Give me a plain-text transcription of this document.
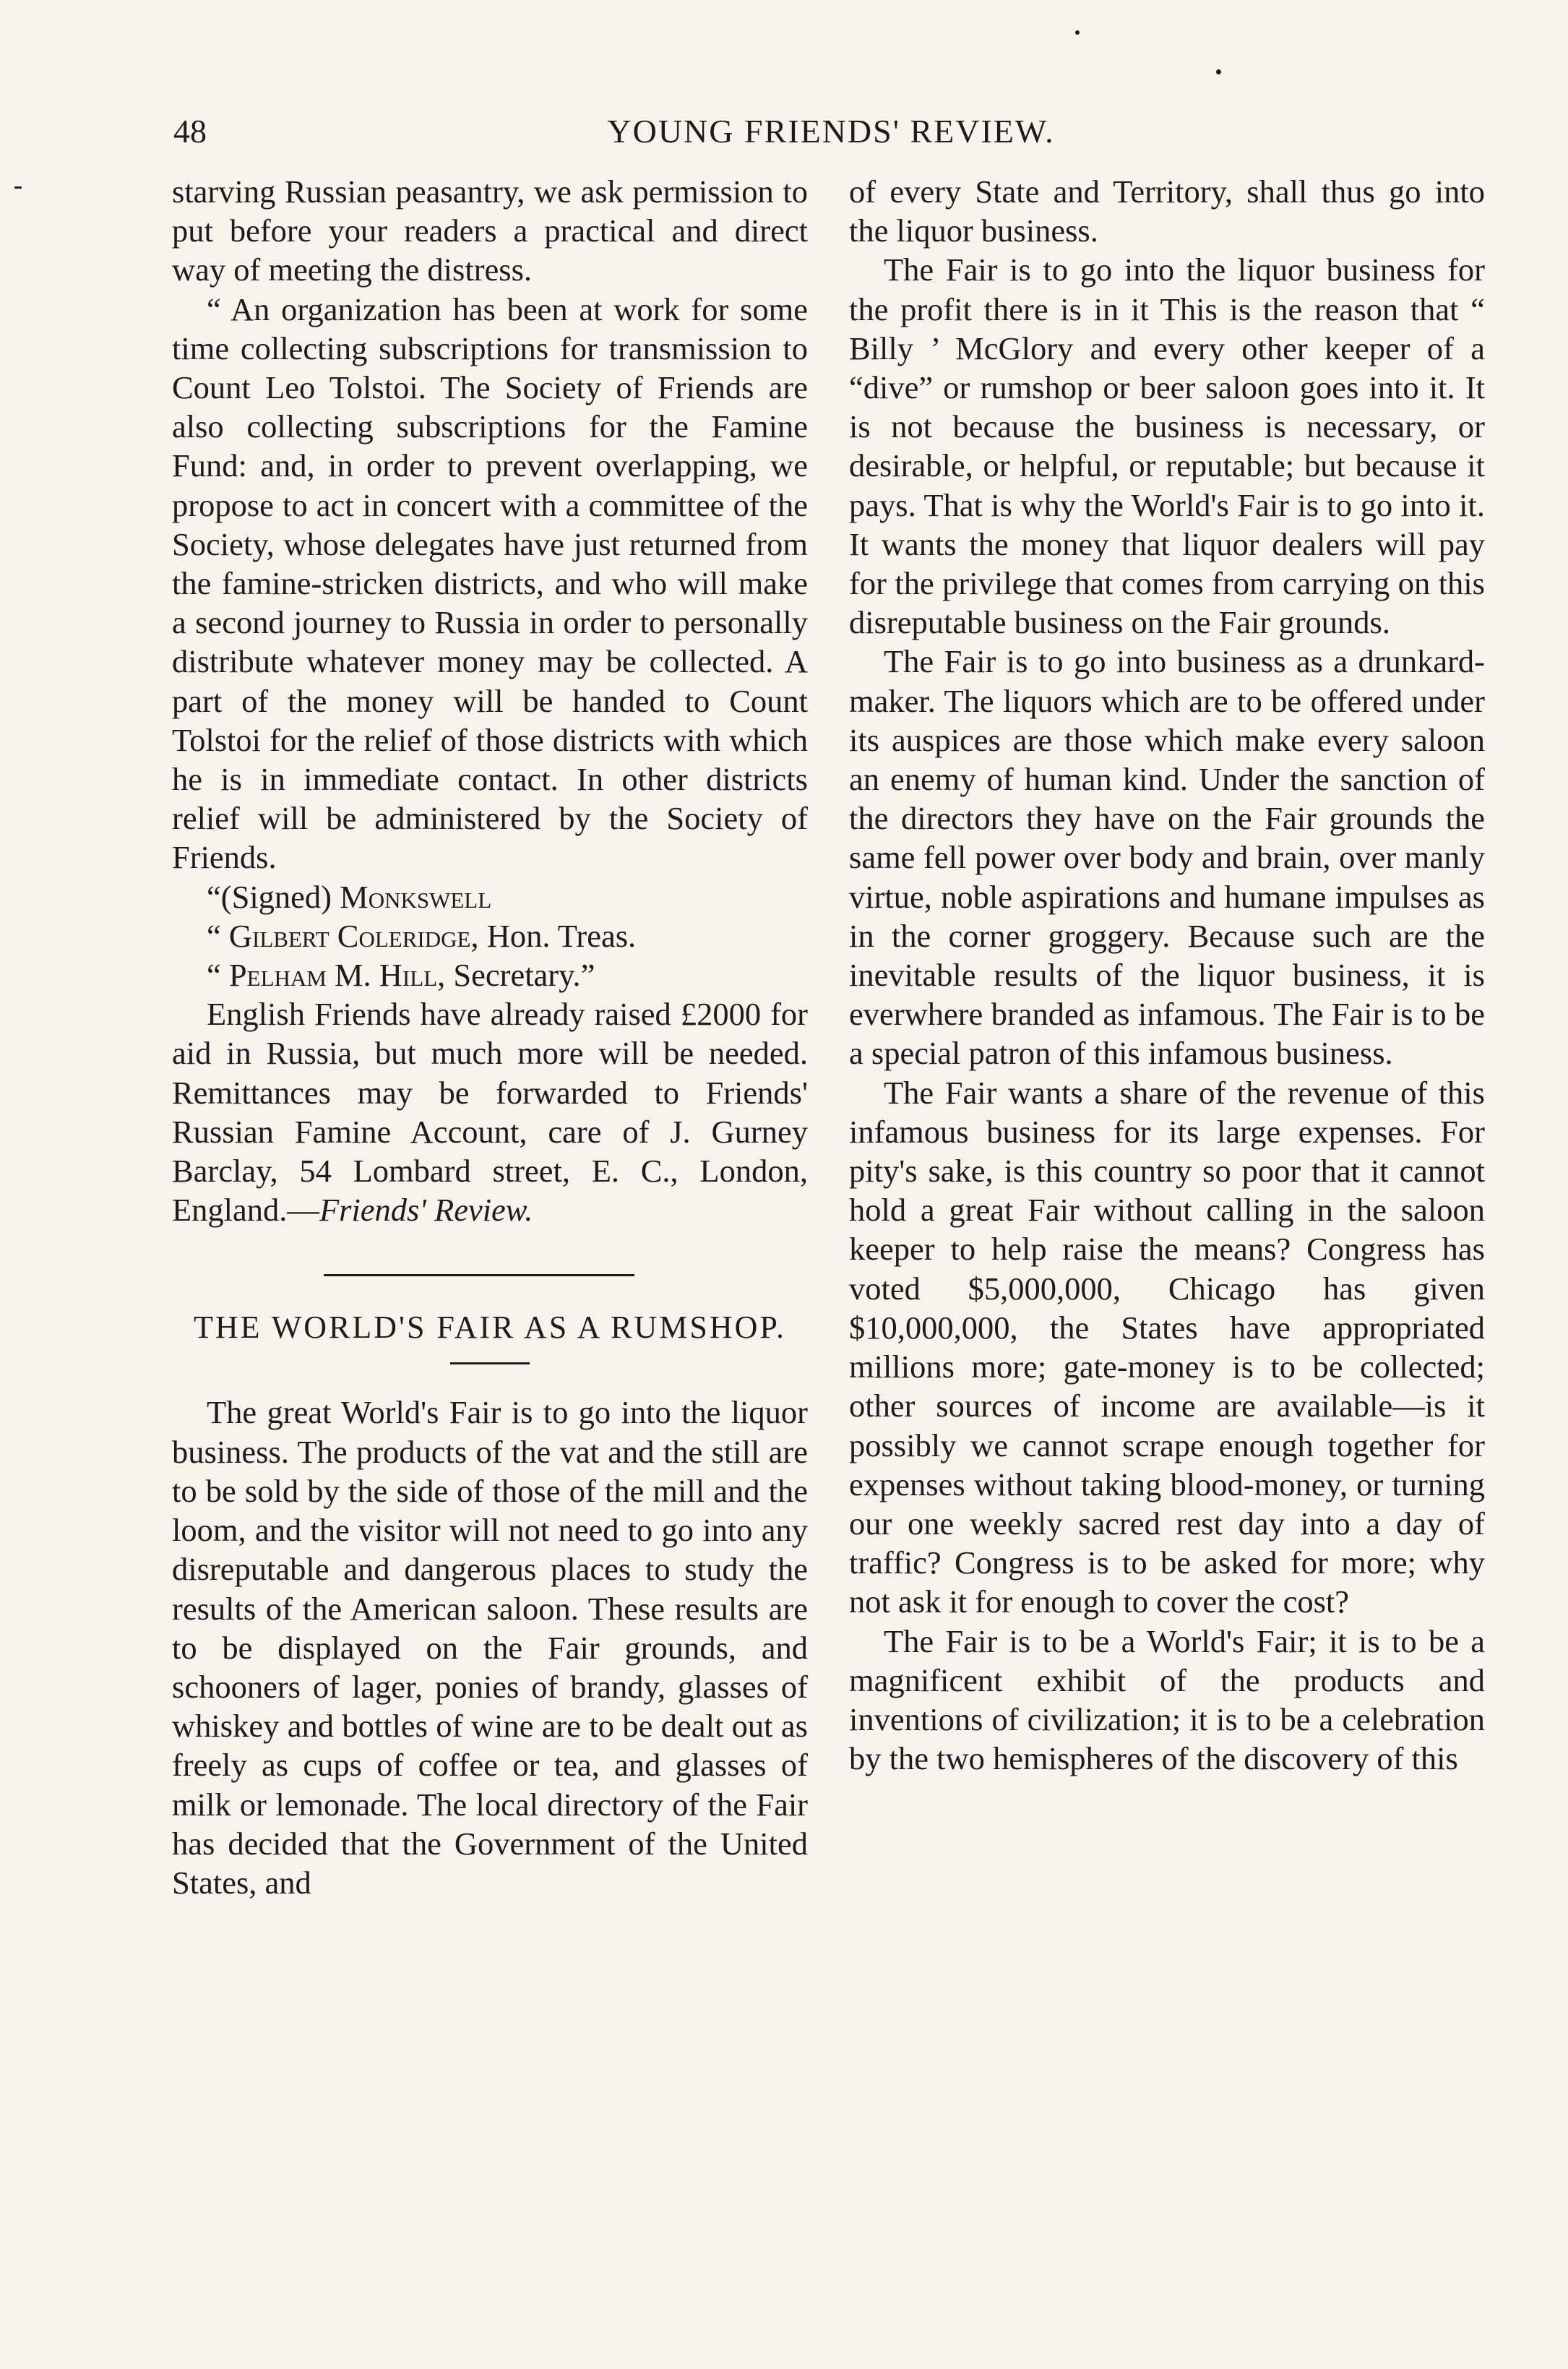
48	YOUNG FRIENDS' REVIEW.

starving Russian peasantry, we ask permission to put before your readers a practical and direct way of meeting the distress.

“ An organization has been at work for some time collecting subscriptions for transmission to Count Leo Tolstoi. The Society of Friends are also collecting subscriptions for the Famine Fund: and, in order to prevent overlapping, we propose to act in concert with a committee of the Society, whose delegates have just returned from the famine-stricken districts, and who will make a second journey to Russia in order to personally distribute whatever money may be collected. A part of the money will be handed to Count Tolstoi for the relief of those districts with which he is in immediate contact. In other districts relief will be administered by the Society of Friends.

“(Signed) Monkswell

“ Gilbert Coleridge, Hon. Treas.

“ Pelham M. Hill, Secretary.”

English Friends have already raised £2000 for aid in Russia, but much more will be needed. Remittances may be forwarded to Friends' Russian Famine Account, care of J. Gurney Barclay, 54 Lombard street, E. C., London, England.—Friends' Review.

THE WORLD'S FAIR AS A RUMSHOP.

The great World's Fair is to go into the liquor business. The products of the vat and the still are to be sold by the side of those of the mill and the loom, and the visitor will not need to go into any disreputable and dangerous places to study the results of the American saloon. These results are to be displayed on the Fair grounds, and schooners of lager, ponies of brandy, glasses of whiskey and bottles of wine are to be dealt out as freely as cups of coffee or tea, and glasses of milk or lemonade. The local directory of the Fair has decided that the Government of the United States, and

of every State and Territory, shall thus go into the liquor business.

The Fair is to go into the liquor business for the profit there is in it This is the reason that “ Billy ’ McGlory and every other keeper of a “dive” or rumshop or beer saloon goes into it. It is not because the business is necessary, or desirable, or helpful, or reputable; but because it pays. That is why the World's Fair is to go into it. It wants the money that liquor dealers will pay for the privilege that comes from carrying on this disreputable business on the Fair grounds.

The Fair is to go into business as a drunkard-maker. The liquors which are to be offered under its auspices are those which make every saloon an enemy of human kind. Under the sanction of the directors they have on the Fair grounds the same fell power over body and brain, over manly virtue, noble aspirations and humane impulses as in the corner groggery. Because such are the inevitable results of the liquor business, it is everwhere branded as infamous. The Fair is to be a special patron of this infamous business.

The Fair wants a share of the revenue of this infamous business for its large expenses. For pity's sake, is this country so poor that it cannot hold a great Fair without calling in the saloon keeper to help raise the means? Congress has voted $5,000,000, Chicago has given $10,000,000, the States have appropriated millions more; gate-money is to be collected; other sources of income are available—is it possibly we cannot scrape enough together for expenses without taking blood-money, or turning our one weekly sacred rest day into a day of traffic? Congress is to be asked for more; why not ask it for enough to cover the cost?

The Fair is to be a World's Fair; it is to be a magnificent exhibit of the products and inventions of civilization; it is to be a celebration by the two hemispheres of the discovery of this
